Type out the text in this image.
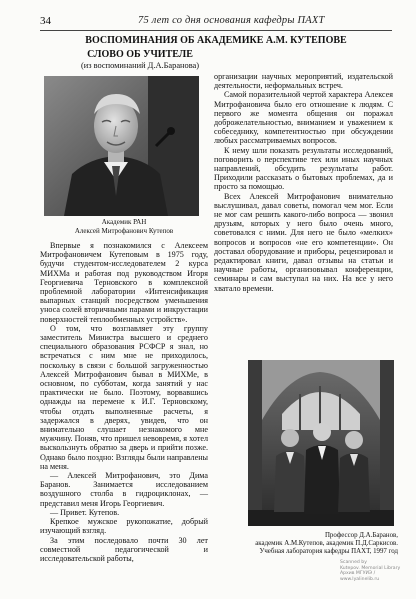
34	75 лет со дня основания кафедры ПАХТ
ВОСПОМИНАНИЯ ОБ АКАДЕМИКЕ А.М. КУТЕПОВЕ
СЛОВО ОБ УЧИТЕЛЕ
(из воспоминаний Д.А.Баранова)
Академик РАН
Алексей Митрофанович Кутепов

Впервые я познакомился с Алексеем Митрофановичем Кутеповым в 1975 году, будучи студентом-исследователем 2 курса МИХМа и работая под руководством Игоря Георгиевича Терновского в комплексной проблемной лаборатории «Интенсификация выпарных станций посредством уменьшения уноса солей вторичными парами и инкрустации поверхностей теплообменных устройств».

О том, что возглавляет эту группу заместитель Министра высшего и среднего специального образования РСФСР я знал, но встречаться с ним мне не приходилось, поскольку в связи с большой загруженностью Алексей Митрофанович бывал в МИХМе, в основном, по субботам, когда занятий у нас практически не было. Поэтому, ворвавшись однажды на перемене к И.Г. Терновскому, чтобы отдать выполненные расчеты, я задержался в дверях, увидев, что он внимательно слушает незнакомого мне мужчину. Поняв, что пришел невовремя, я хотел выскользнуть обратно за дверь и прийти позже. Однако было поздно: Взгляды были направлены на меня.

— Алексей Митрофанович, это Дима Баранов. Занимается исследованием воздушного столба в гидроциклонах, — представил меня Игорь Георгиевич.

— Привет. Кутепов.

Крепкое мужское рукопожатие, добрый изучающий взгляд.

За этим последовало почти 30 лет совместной педагогической и исследовательской работы,

организации научных мероприятий, издательской деятельности, неформальных встреч.

Самой поразительной чертой характера Алексея Митрофановича было его отношение к людям. С первого же момента общения он поражал доброжелательностью, вниманием и уважением к собеседнику, компетентностью при обсуждении любых рассматриваемых вопросов.

К нему шли показать результаты исследований, поговорить о перспективе тех или иных научных направлений, обсудить результаты работ. Приходили рассказать о бытовых проблемах, да и просто за помощью.

Всех Алексей Митрофанович внимательно выслушивал, давал советы, помогал чем мог. Если не мог сам решить какого-либо вопроса — звонил друзьям, которых у него было очень много, советовался с ними. Для него не было «мелких» вопросов и вопросов «не его компетенции». Он доставал оборудование и приборы, рецензировал и редактировал книги, давал отзывы на статьи и научные работы, организовывал конференции, семинары и сам выступал на них. На все у него хватало времени.

Профессор Д.А.Баранов,
академик А.М.Кутепов, академик П.Д.Саркисов.
Учебная лаборатория кафедры ПАХТ, 1997 год
Scanned by
Kutepov. Memorial Library
Архив МГУИЭ / www.lyalinelib.ru
